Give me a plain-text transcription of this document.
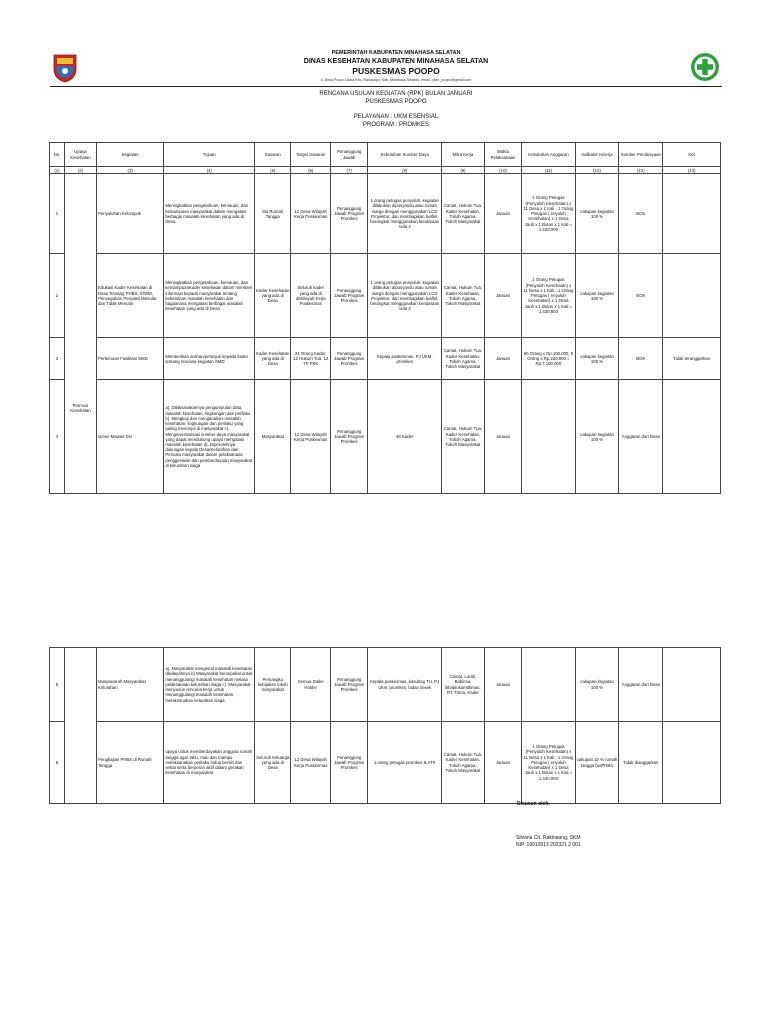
PEMERINTAH KABUPATEN MINAHASA SELATAN
DINAS KESEHATAN KABUPATEN MINAHASA SELATAN
PUSKESMAS POOPO
4. Desa Poopo Utara Kec. Ranoyapo, Kab. Minahasa Selatan, email : pkm_poopo@gmail.com
RENCANA USULAN KEGIATAN (RPK) BULAN JANUARI
PUSKESMAS POOPO
PELAYANAN : UKM ESENSIAL
PROGRAM : PROMKES
No.	Upaya Kesehatan	Kegiatan	Tujuan	Sasaran	Target Sasaran	Penanggung Jawab	Kebutuhan Sumber Daya	Mitra Kerja	Waktu Pelaksanaan	Kebutuhan Anggaran	Indikator Kinerja	Sumber Pembiayaan	Ket
(1)	(2)	(3)	(4)	(5)	(6)	(7)	(8)	(9)	(10)	(11)	(12)	(13)	(14)
1	Promosi Kesehatan	Penyuluhan Kelompok	Meningkatkan pengetahuan, kemauan, dan kemampuan masyarakat dalam mengatasi berbagai masalah kesehatan yang ada di Desa	Ibu Rumah Tangga	12 Desa Wilayah Kerja Puskesmas	Penanggung Jawab Program Promkes	1 orang petugas penyuluh, kegiatan dilakukan dipusyandu atau rumah warga dengan menggunakan LCD Proyektor, dan membagikan leaflet, berangkat menggunakan kendaraan roda 2	Camat, Hukum Tua, Kader Kesehatan, Tokoh Agama, Tokoh Masyarakat	Januari	1 Orang Petugas (Penyuluh Kesehatan) x 11 Desa x 1 Kali , 1 Orang Petugas ( enyuluh Kesehatan) x 1 Desa Jauh x 1 Bulan x 1 Kali = 1.420.000	cakupan kegiatan 100 %	BOK	
2		Edukasi Kader Kesehatan di Desa Tentang PHBS, STBM, Pencegahan Penyakit Menular dan Tidak Menular	Meningkatkan pengetahuan, kemauan, dan kemampuanKader kesehatan dalam memberi informasi kepada masyarakat tentang kebersihan masalah kesehatan dan bagaimana mengatasi berbagai masalah kesehatan yang ada di Desa	Kader Kesehatan yang ada di Desa	Seluruh kader yang ada di diWilayah Kerja Puskesmas	Penanggung Jawab Program Promkes	1 orang petugas penyuluh, kegiatan dilakukan dipusyandu atau rumah warga dengan menggunakan LCD Proyektor, dan membagikan leaflet, berangkat menggunakan kendaraan roda 2	Camat, Hukum Tua, Kader Kesehatan, Tokoh Agama, Tokoh Masyarakat	Januari	1 Orang Petugas (Penyuluh Kesehatan) x 11 Desa x 1 Kali , 1 Orang Petugas ( enyuluh Kesehatan) x 1 Desa Jauh x 1 Bulan x 1 Kali = 1.420.000	cakupan kegiatan 100 %	BOK	
3		Pertemuan Fasilitasi SMD	Memberikan arahan/petunjuk kepada kader tentang rencana kegiatan SMD	Kader Kesehatan yang ada di Desa	24 Orang Kader, 12 Hukum Tua, 12 TP PKK	Penanggung Jawab Program Promkes	Kepala puskesmas, PJ UKM, promkes	Camat, Hukum Tua, Kader Kesehatan, Tokoh Agama, Tokoh Masyarakat	Januari	60 Orang x Rp.100.000, 5 Orang x Rp.220.000 = Rp.7.100.000	cakupan kegiatan 100 %	BOK	Tidak teranggarkan
4		survei Mawas Diri	a). Dilaksanakannya pengumpulan data, masalah kesehatan, lingkungan dan perilaku b). Mengkaji dan menganalisis masalah kesehatan, lingkungan dan perilaku yang paling menonjol di masyarakat c). Menginventarisasi sumber daya masyarakat yang dapat mendukung upaya mengatasi masalah kesehatan d). Diperolehnya dukungan kepala Desa/Kelurahan dan Pemuka masyarakat dalam pelaksanaan penggerakan dan pemberdayaan masyarakat di kelurahan siaga	Masyarakat	12 Desa Wilayah Kerja Puskesmas	Penanggung Jawab Program Promkes	48 Kader	Camat, Hukum Tua, Kader Kesehatan, Tokoh Agama, Tokoh Masyarakat	Januari		cakupan kegiatan 100 %	Anggaran dari Desa	
5		Musyawarah Masyarakat Kelurahan	a). Masyarakat mengenal masalah kesehatan diwilayahnya b) Masyarakat bersepakat untuk menanggulangi masalah kesehatan melalui pelaksanaan kelurahan siaga c). Masyarakat menyusun rencana kerja untuk menanggulangi masalah kesehatan, melaksanakan kelurahan siaga	Pemangku kebijakan tokoh masyarakat	Semua Stake Holder	Penanggung Jawab Program Promkes	Kepala puskesmas, kasubag TU, PJ Ukm, promkes, bidan linsek	Camat, Lurah, Babinsa, Bhabinkamtibmas, RT, Toma, Kader	Januari		cakupan kegiatan 100 %	Anggaran dari Desa	
6		Pengkajian PHBS di Rumah Tangga	upaya untuk memberdayakan anggota rumah tangga agar tahu, mau dan mampu melaksanakan perilaku hidup bersih dan sehat serta berperan aktif dalam gerakan kesehatan di masyarakat	Seluruh Keluarga yang ada di Desa	12 Desa Wilayah Kerja Puskesmas	Penanggung Jawab Program Promkes	1 orang petugas promkes & ATK	Camat, Hukum Tua, Kader Kesehatan, Tokoh Agama, Tokoh Masyarakat	Januari	1 Orang Petugas (Penyuluh Kesehatan) x 11 Desa x 1 Kali , 1 Orang Petugas ( enyuluh Kesehatan) x 1 Desa Jauh x 1 Bulan x 1 Kali = 1.420.000	cakupan 10 % rumah tangga berPHBS	Tidak dianggarkan	
Disusun oleh,
Silvana Ch. Rakinaung, SKM
NIP. 19910913 202321 2 001
